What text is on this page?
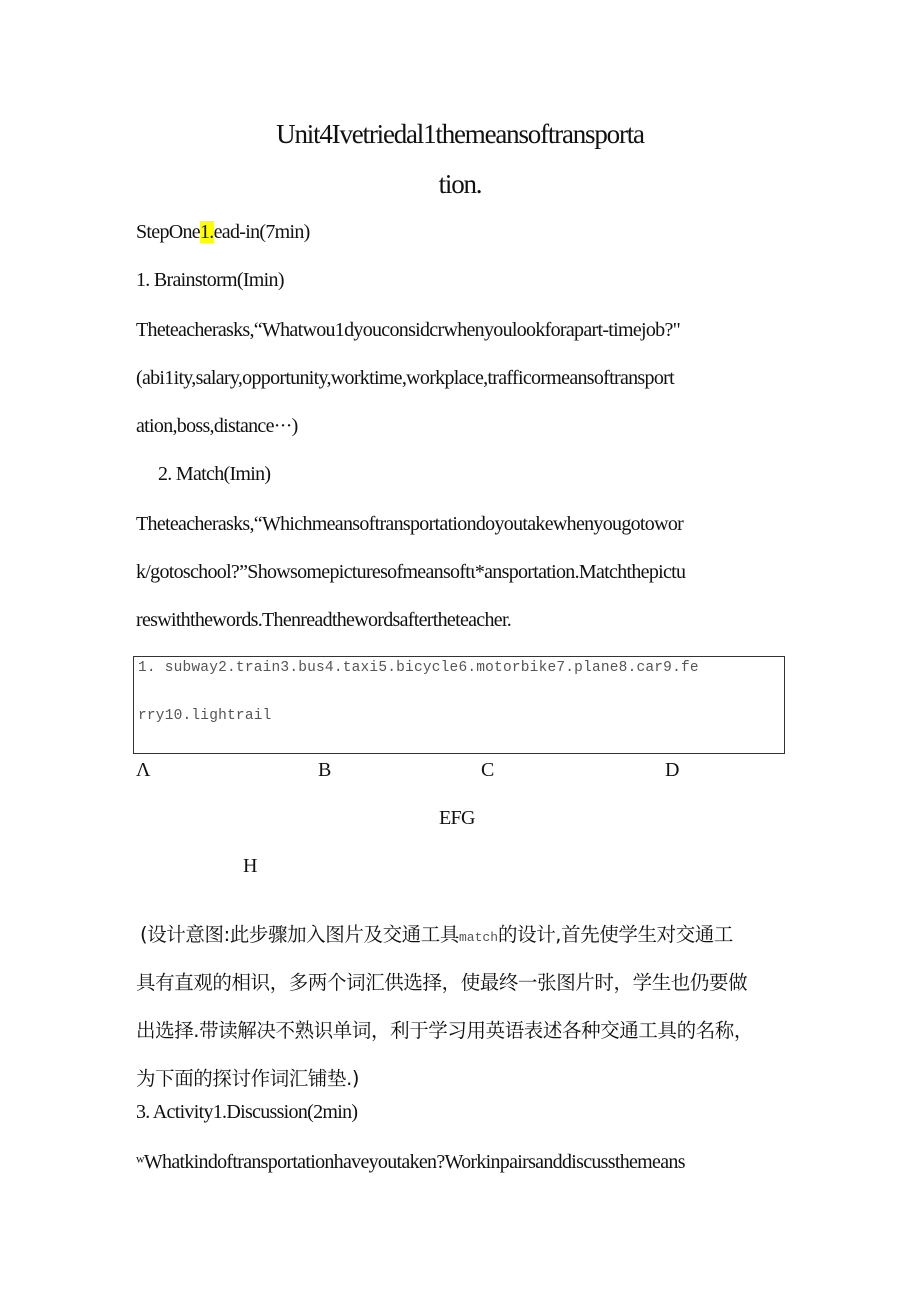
Unit4Ivetriedal1themeansoftransporta
tion.
StepOne1.ead-in(7min)
1. Brainstorm(Imin)
Theteacherasks,“Whatwou1dyouconsidcrwhenyoulookforapart-timejob?"
(abi1ity,salary,opportunity,worktime,workplace,trafficormeansoftransport
ation,boss,distance···)
2. Match(Imin)
Theteacherasks,“Whichmeansoftransportationdoyoutakewhenyougotowor
k/gotoschool?”Showsomepicturesofmeansoftι*ansportation.Matchthepictu
reswiththewords.Thenreadthewordsaftertheteacher.
1. subway2.train3.bus4.taxi5.bicycle6.motorbike7.plane8.car9.fe
rry10.lightrail
Λ	B	C	D
EFG
H
(设计意图:此步骤加入图片及交通工具match的设计,首先使学生对交通工
具有直观的相识，多两个词汇供选择，使最终一张图片时，学生也仍要做
出选择.带读解决不熟识单词，利于学习用英语表述各种交通工具的名称，
为下面的探讨作词汇铺垫.)
3. Activity1.Discussion(2min)
ʷWhatkindoftransportationhaveyoutaken?Workinpairsanddiscussthemeans
